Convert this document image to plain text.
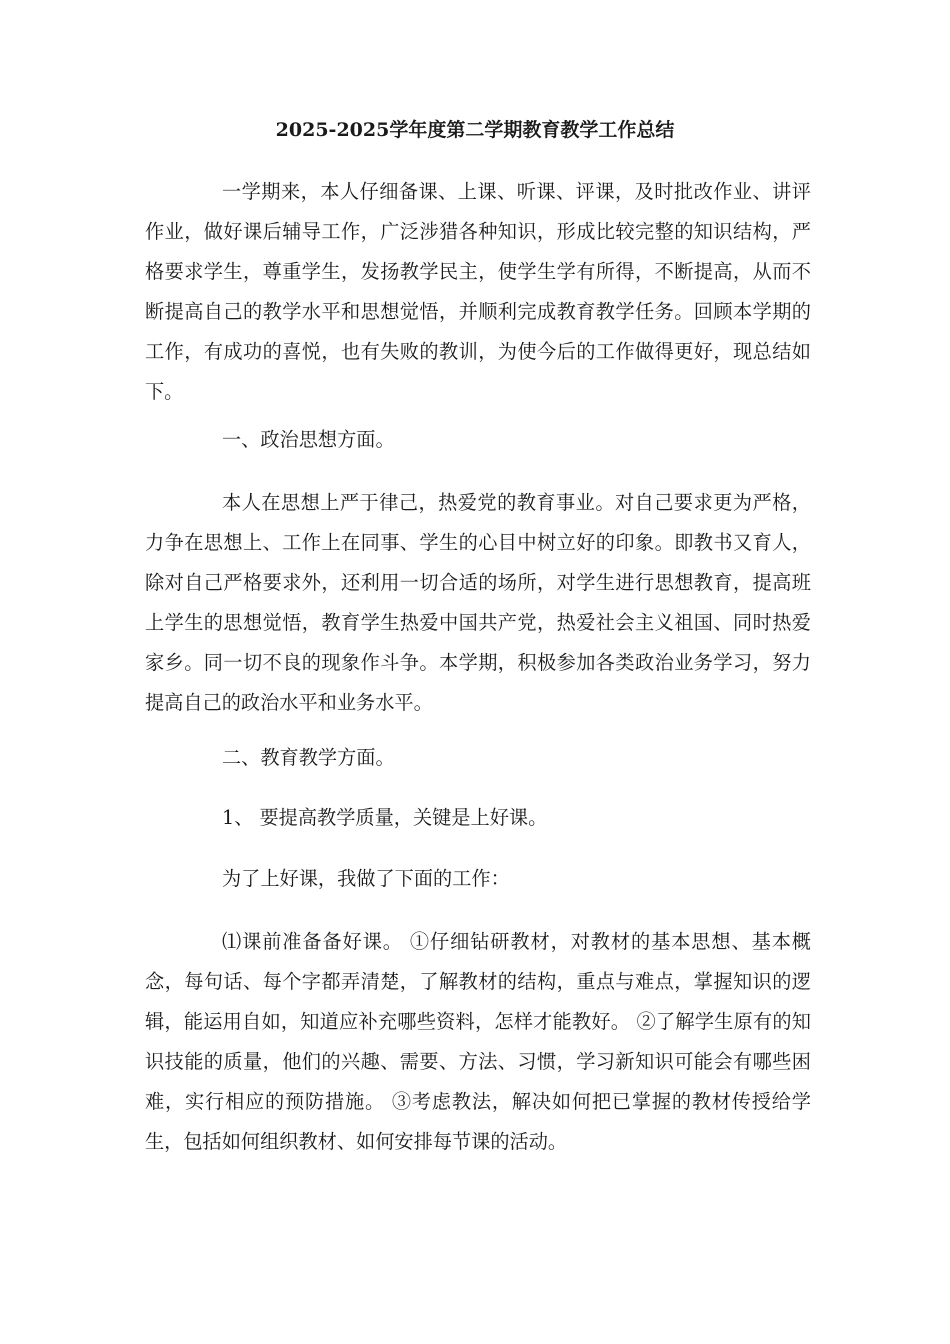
2025-2025学年度第二学期教育教学工作总结

一学期来，本人仔细备课、上课、听课、评课，及时批改作业、讲评作业，做好课后辅导工作，广泛涉猎各种知识，形成比较完整的知识结构，严格要求学生，尊重学生，发扬教学民主，使学生学有所得，不断提高，从而不断提高自己的教学水平和思想觉悟，并顺利完成教育教学任务。回顾本学期的工作，有成功的喜悦，也有失败的教训，为使今后的工作做得更好，现总结如下。

一、政治思想方面。

本人在思想上严于律己，热爱党的教育事业。对自己要求更为严格，力争在思想上、工作上在同事、学生的心目中树立好的印象。即教书又育人，除对自己严格要求外，还利用一切合适的场所，对学生进行思想教育，提高班上学生的思想觉悟，教育学生热爱中国共产党，热爱社会主义祖国、同时热爱家乡。同一切不良的现象作斗争。本学期，积极参加各类政治业务学习，努力提高自己的政治水平和业务水平。

二、教育教学方面。

1、 要提高教学质量，关键是上好课。

为了上好课，我做了下面的工作：

⑴课前准备备好课。 ①仔细钻研教材，对教材的基本思想、基本概念，每句话、每个字都弄清楚，了解教材的结构，重点与难点，掌握知识的逻辑，能运用自如，知道应补充哪些资料，怎样才能教好。 ②了解学生原有的知识技能的质量，他们的兴趣、需要、方法、习惯，学习新知识可能会有哪些困难，实行相应的预防措施。 ③考虑教法，解决如何把已掌握的教材传授给学生，包括如何组织教材、如何安排每节课的活动。
